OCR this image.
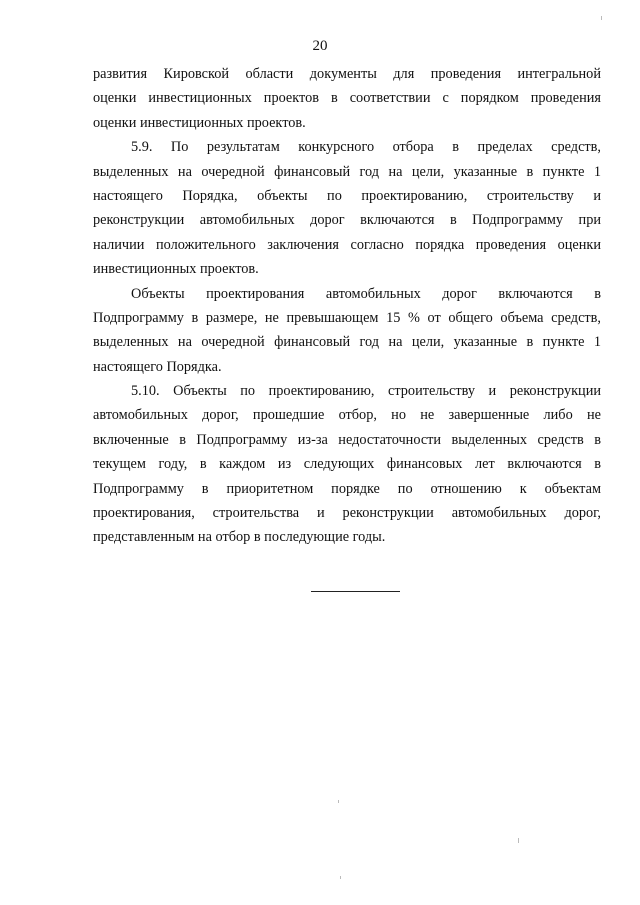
20
развития Кировской области документы для проведения интегральной
оценки инвестиционных проектов в соответствии с порядком проведения
оценки инвестиционных проектов.
5.9. По результатам конкурсного отбора в пределах средств,
выделенных на очередной финансовый год на цели, указанные в пункте 1
настоящего Порядка, объекты по проектированию, строительству и
реконструкции автомобильных дорог включаются в Подпрограмму при
наличии положительного заключения согласно порядка проведения оценки
инвестиционных проектов.
Объекты проектирования автомобильных дорог включаются в
Подпрограмму в размере, не превышающем 15 % от общего объема средств,
выделенных на очередной финансовый год на цели, указанные в пункте 1
настоящего Порядка.
5.10. Объекты по проектированию, строительству и реконструкции
автомобильных дорог, прошедшие отбор, но не завершенные либо не
включенные в Подпрограмму из-за недостаточности выделенных средств в
текущем году, в каждом из следующих финансовых лет включаются в
Подпрограмму в приоритетном порядке по отношению к объектам
проектирования, строительства и реконструкции автомобильных дорог,
представленным на отбор в последующие годы.
